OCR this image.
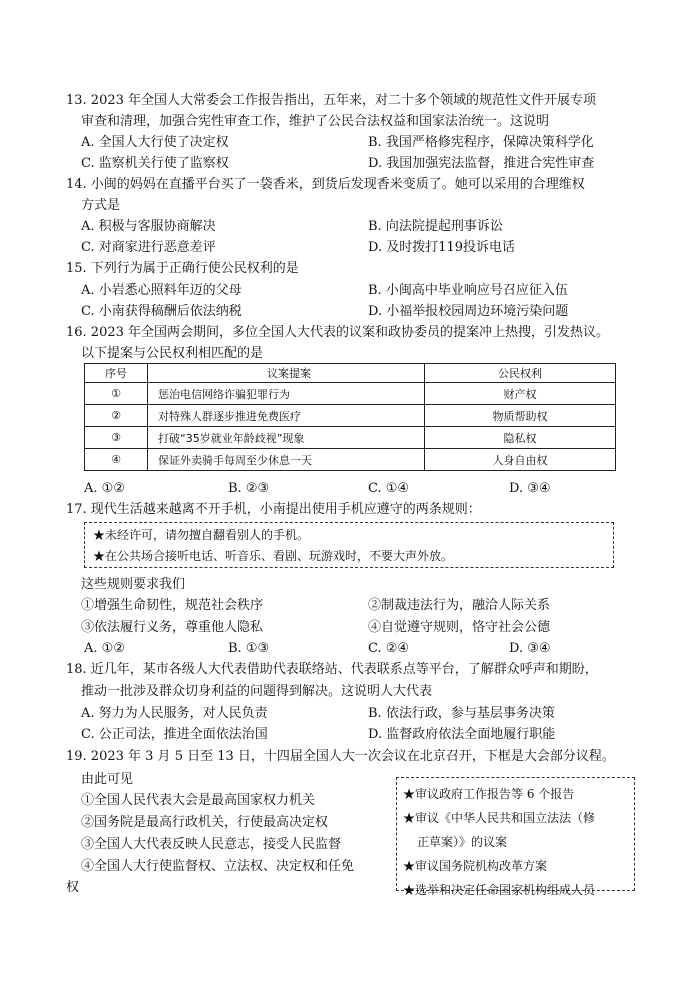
13. 2023 年全国人大常委会工作报告指出，五年来，对二十多个领域的规范性文件开展专项
审查和清理，加强合宪性审查工作，维护了公民合法权益和国家法治统一。这说明
A. 全国人大行使了决定权	B. 我国严格修宪程序，保障决策科学化
C. 监察机关行使了监察权	D. 我国加强宪法监督，推进合宪性审查
14. 小闽的妈妈在直播平台买了一袋香米，到货后发现香米变质了。她可以采用的合理维权
方式是
A. 积极与客服协商解决	B. 向法院提起刑事诉讼
C. 对商家进行恶意差评	D. 及时拨打119投诉电话
15. 下列行为属于正确行使公民权利的是
A. 小岩悉心照料年迈的父母	B. 小闽高中毕业响应号召应征入伍
C. 小南获得稿酬后依法纳税	D. 小福举报校园周边环境污染问题
16. 2023 年全国两会期间，多位全国人大代表的议案和政协委员的提案冲上热搜，引发热议。
以下提案与公民权利相匹配的是
序号	议案提案	公民权利
①	惩治电信网络诈骗犯罪行为	财产权
②	对特殊人群逐步推进免费医疗	物质帮助权
③	打破“35岁就业年龄歧视”现象	隐私权
④	保证外卖骑手每周至少休息一天	人身自由权
A. ①②	B. ②③	C. ①④	D. ③④
17. 现代生活越来越离不开手机，小南提出使用手机应遵守的两条规则：
★未经许可，请勿擅自翻看别人的手机。
★在公共场合接听电话、听音乐、看剧、玩游戏时，不要大声外放。
这些规则要求我们
①增强生命韧性，规范社会秩序	②制裁违法行为，融洽人际关系
③依法履行义务，尊重他人隐私	④自觉遵守规则，恪守社会公德
A. ①②	B. ①③	C. ②④	D. ③④
18. 近几年，某市各级人大代表借助代表联络站、代表联系点等平台，了解群众呼声和期盼，
推动一批涉及群众切身利益的问题得到解决。这说明人大代表
A. 努力为人民服务，对人民负责	B. 依法行政，参与基层事务决策
C. 公正司法，推进全面依法治国	D. 监督政府依法全面地履行职能
19. 2023 年 3 月 5 日至 13 日，十四届全国人大一次会议在北京召开，下框是大会部分议程。
由此可见
①全国人民代表大会是最高国家权力机关
②国务院是最高行政机关，行使最高决定权
③全国人大代表反映人民意志，接受人民监督
④全国人大行使监督权、立法权、决定权和任免
权
★审议政府工作报告等 6 个报告
★审议《中华人民共和国立法法（修
正草案）》的议案
★审议国务院机构改革方案
★选举和决定任命国家机构组成人员
